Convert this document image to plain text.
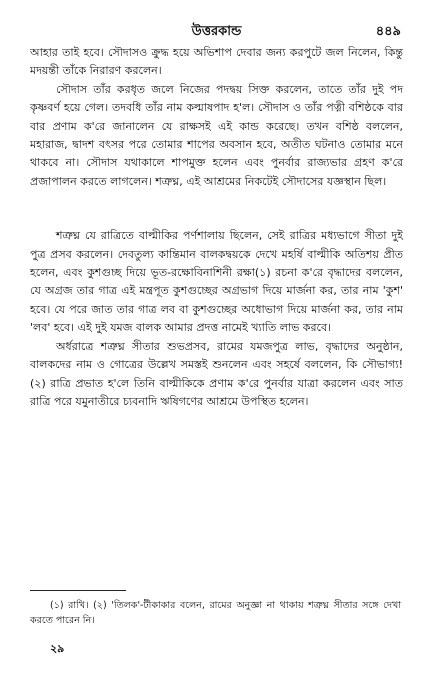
উত্তরকান্ড	৪৪৯

আহার তাই হবে। সৌদাসও ক্রুদ্ধ হয়ে অভিশাপ দেবার জন্য করপুটে জল নিলেন, কিন্তু মদয়ন্তী তাঁকে নিরারণ করলেন।

সৌদাস তাঁর করধৃত জলে নিজের পদদ্বয় সিক্ত করলেন, তাতে তাঁর দুই পদ কৃষ্ণবর্ণ হয়ে গেল। তদবধি তাঁর নাম কল্মাষপাদ হ'ল। সৌদাস ও তাঁর পত্নী বশিষ্ঠকে বার বার প্রণাম ক'রে জানালেন যে রাক্ষসই এই কান্ড করেছে। তখন বশিষ্ঠ বললেন, মহারাজ, দ্বাদশ বৎসর পরে তোমার শাপের অবসান হবে, অতীত ঘটনাও তোমার মনে থাকবে না। সৌদাস যথাকালে শাপমুক্ত হলেন এবং পুনর্বার রাজ্যভার গ্রহণ ক'রে প্রজাপালন করতে লাগলেন। শত্রুঘ্ন, এই আশ্রমের নিকটেই সৌদাসের যজ্ঞস্থান ছিল।

শত্রুঘ্ন যে রাত্রিতে বাল্মীকির পর্ণশালায় ছিলেন, সেই রাত্রির মধ্যভাগে সীতা দুই পুত্র প্রসব করলেন। দেবতুল্য কান্তিমান বালকদ্বয়কে দেখে মহর্ষি বাল্মীকি অতিশয় প্রীত হলেন, এবং কুশগুচ্ছ দিয়ে ভূত-রক্ষোবিনাশিনী রক্ষা(১) রচনা ক'রে বৃদ্ধাদের বললেন, যে অগ্রজ তার গাত্র এই মন্ত্রপূত কুশগুচ্ছের অগ্রভাগ দিয়ে মার্জনা কর, তার নাম 'কুশ' হবে। যে পরে জাত তার গাত্র লব বা কুশগুচ্ছের অধোভাগ দিয়ে মার্জনা কর, তার নাম 'লব' হবে। এই দুই যমজ বালক আমার প্রদত্ত নামেই খ্যাতি লাভ করবে।

অর্ধরাত্রে শত্রুঘ্ন সীতার শুভপ্রসব, রামের যমজপুত্র লাভ, বৃদ্ধাদের অনুষ্ঠান, বালকদের নাম ও গোত্রের উল্লেখ সমস্তই শুনলেন এবং সহর্ষে বললেন, কি সৌভাগ্য!(২) রাত্রি প্রভাত হ'লে তিনি বাল্মীকিকে প্রণাম ক'রে পুনর্বার যাত্রা করলেন এবং সাত রাত্রি পরে যমুনাতীরে চ্যবনাদি ঋষিগণের আশ্রমে উপস্থিত হলেন।

(১) রাখি। (২) 'তিলক'-টীকাকার বলেন, রামের অনুজ্ঞা না থাকায় শত্রুঘ্ন সীতার সঙ্গে দেখা করতে পারেন নি।
২৯
